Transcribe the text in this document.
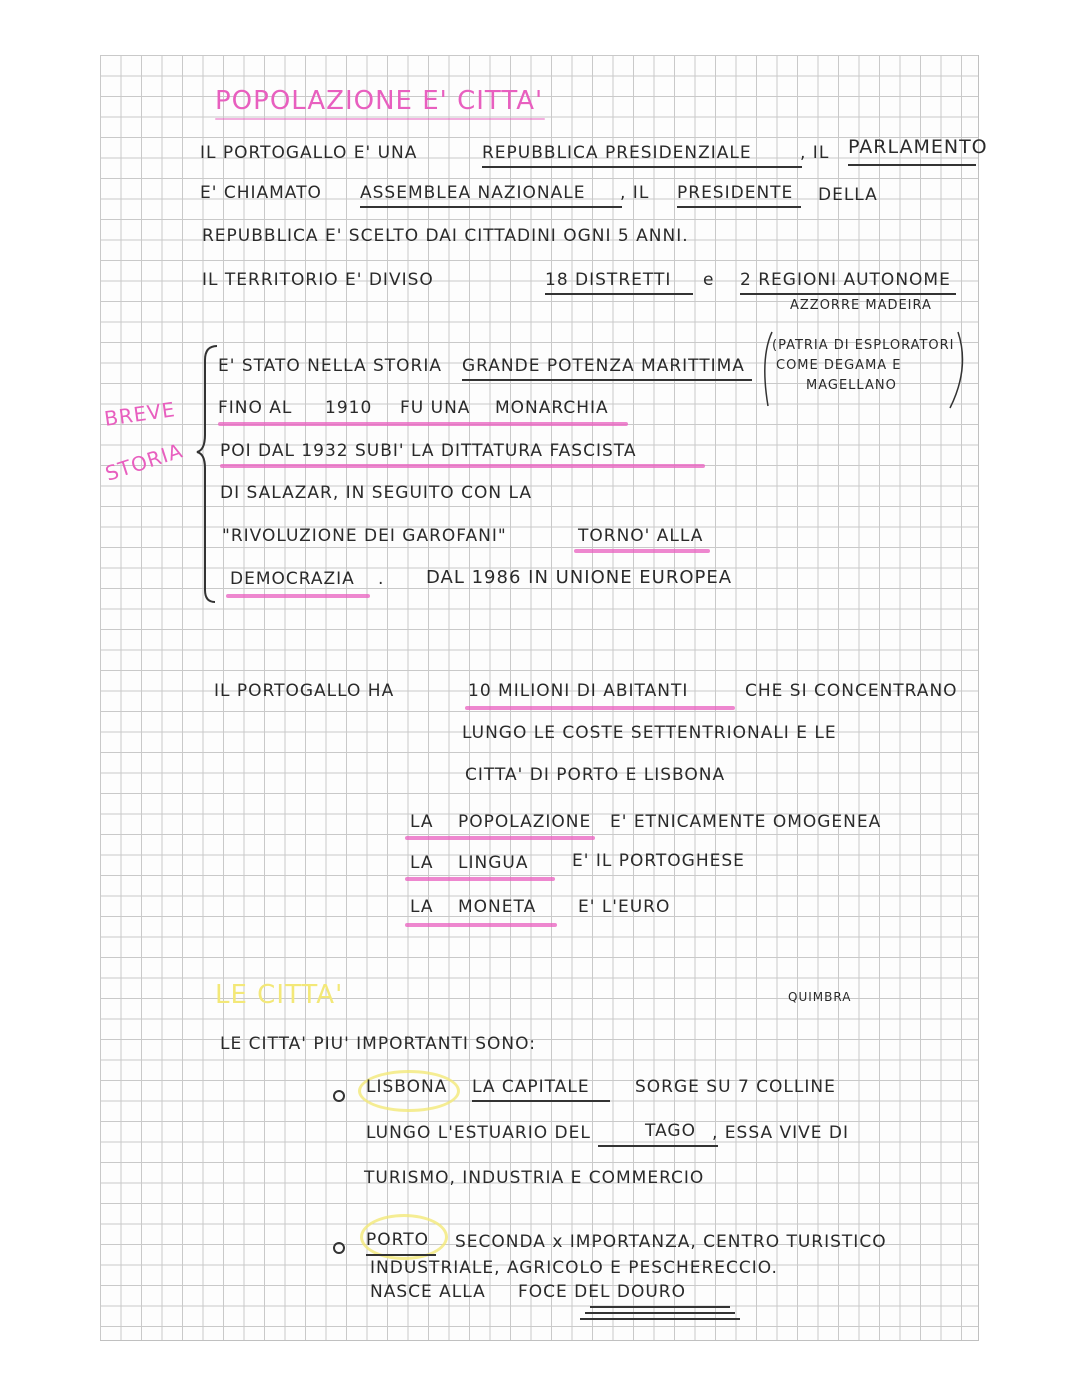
POPOLAZIONE E' CITTA'
IL PORTOGALLO E' UNA	REPUBBLICA PRESIDENZIALE	, IL PARLAMENTO
E' CHIAMATO ASSEMBLEA NAZIONALE , IL PRESIDENTE DELLA
REPUBBLICA E' SCELTO DAI CITTADINI OGNI 5 ANNI.
IL TERRITORIO E' DIVISO	18 DISTRETTI e 2 REGIONI AUTONOME
AZZORRE MADEIRA
BREVE
STORIA
E' STATO NELLA STORIA GRANDE POTENZA MARITTIMA
(PATRIA DI ESPLORATORI
COME DEGAMA E
MAGELLANO
FINO AL 1910 FU UNA MONARCHIA
POI DAL 1932 SUBI' LA DITTATURA FASCISTA
DI SALAZAR, IN SEGUITO CON LA
"RIVOLUZIONE DEI GAROFANI"	TORNO' ALLA
DEMOCRAZIA . DAL 1986 IN UNIONE EUROPEA
IL PORTOGALLO HA	10 MILIONI DI ABITANTI	CHE SI CONCENTRANO
LUNGO LE COSTE SETTENTRIONALI E LE
CITTA' DI PORTO E LISBONA
LA POPOLAZIONE E' ETNICAMENTE OMOGENEA
LA LINGUA	E' IL PORTOGHESE
LA MONETA E' L'EURO
LE CITTA'	QUIMBRA
LE CITTA' PIU' IMPORTANTI SONO:
LISBONA LA CAPITALE	SORGE SU 7 COLLINE
LUNGO L'ESTUARIO DEL	TAGO , ESSA VIVE DI
TURISMO, INDUSTRIA E COMMERCIO
PORTO SECONDA x IMPORTANZA, CENTRO TURISTICO
INDUSTRIALE, AGRICOLO E PESCHERECCIO.
NASCE ALLA FOCE DEL DOURO
